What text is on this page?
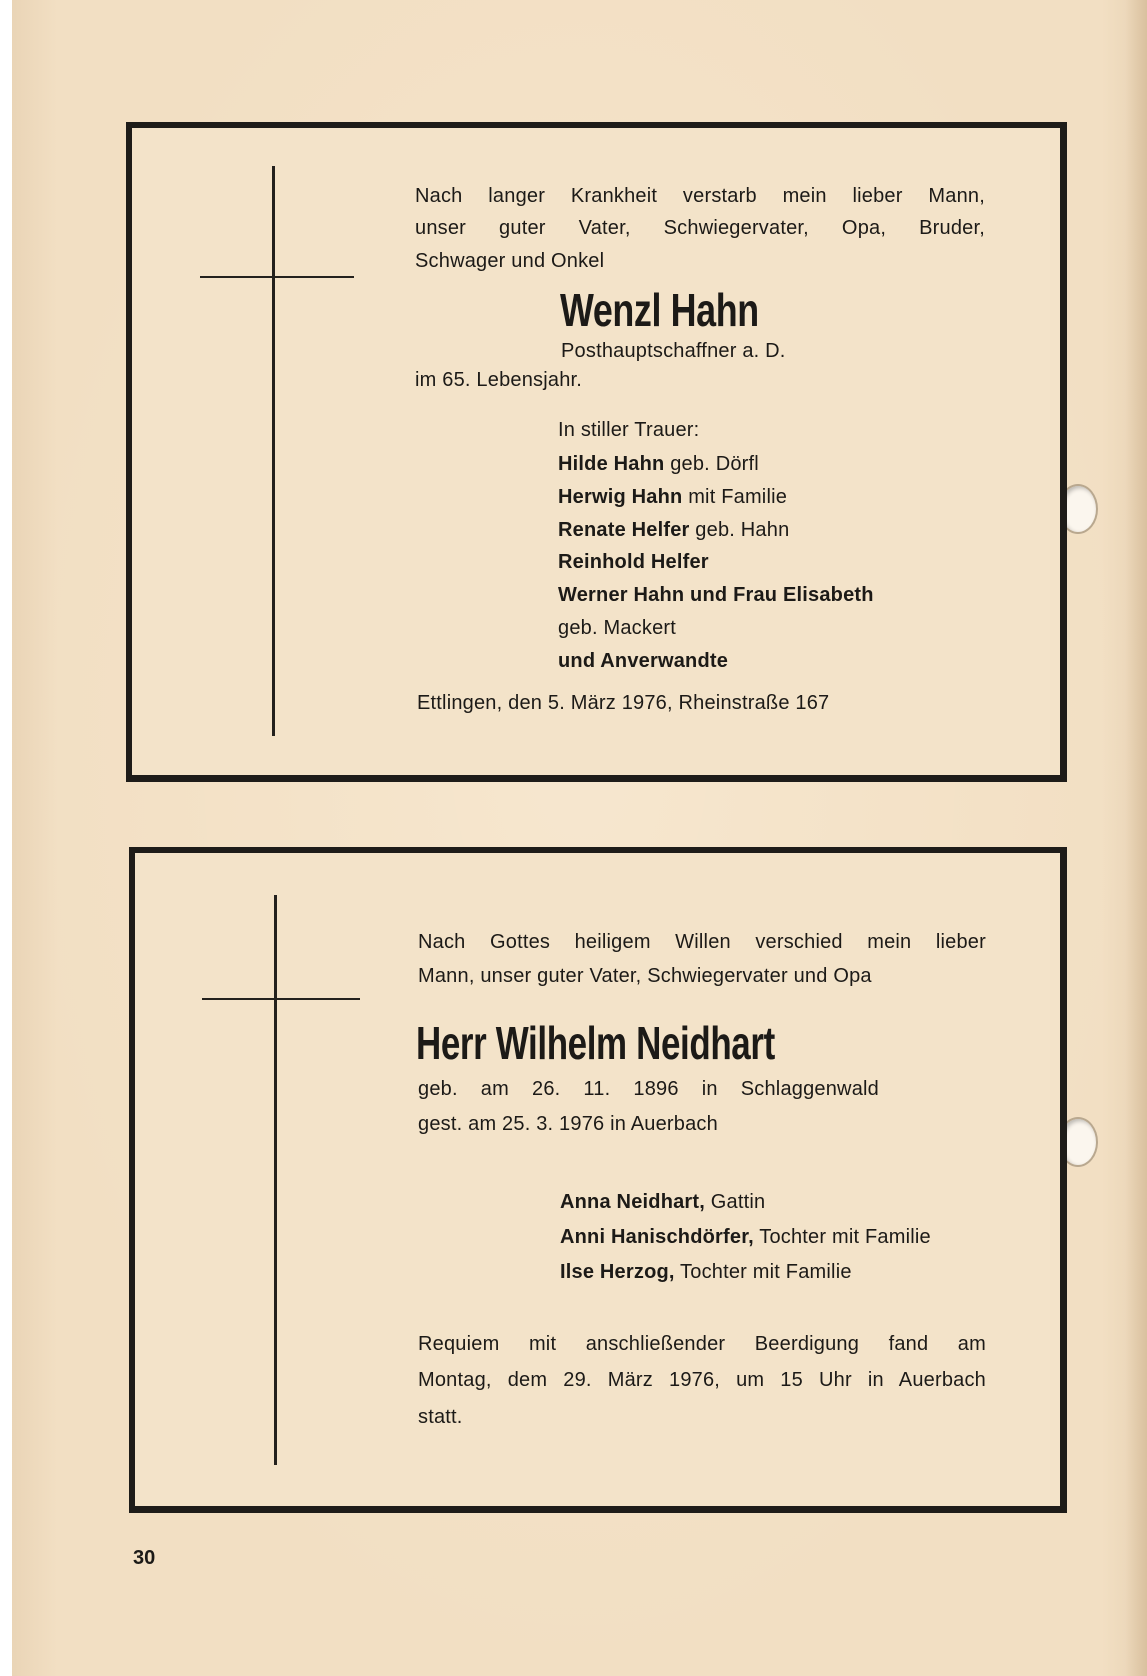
Nach langer Krankheit verstarb mein lieber Mann,
unser guter Vater, Schwiegervater, Opa, Bruder,
Schwager und Onkel
Wenzl Hahn
Posthauptschaffner a. D.
im 65. Lebensjahr.
In stiller Trauer:
Hilde Hahn geb. Dörfl
Herwig Hahn mit Familie
Renate Helfer geb. Hahn
Reinhold Helfer
Werner Hahn und Frau Elisabeth
geb. Mackert
und Anverwandte
Ettlingen, den 5. März 1976, Rheinstraße 167
Nach Gottes heiligem Willen verschied mein lieber
Mann, unser guter Vater, Schwiegervater und Opa
Herr Wilhelm Neidhart
geb. am 26. 11. 1896 in Schlaggenwald
gest. am 25. 3. 1976 in Auerbach
Anna Neidhart, Gattin
Anni Hanischdörfer, Tochter mit Familie
Ilse Herzog, Tochter mit Familie
Requiem mit anschließender Beerdigung fand am
Montag, dem 29. März 1976, um 15 Uhr in Auerbach
statt.
30
